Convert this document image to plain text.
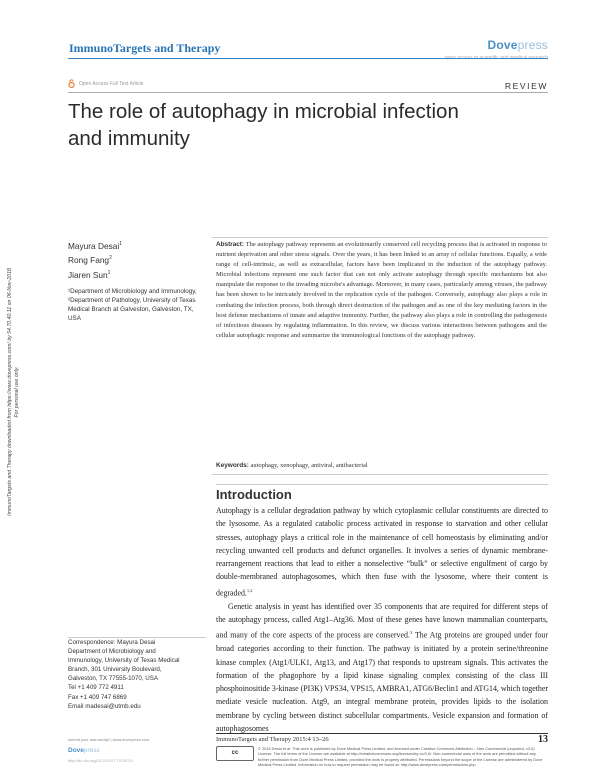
ImmunoTargets and Therapy	Dovepress
Open Access Full Text Article	REVIEW
The role of autophagy in microbial infection and immunity
ImmunoTargets and Therapy downloaded from https://www.dovepress.com/ by 54.70.40.11 on 06-Nov-2018 For personal use only.
Mayura Desai$^1$
Rong Fang$^2$
Jiaren Sun$^1$
¹Department of Microbiology and Immunology, ²Department of Pathology, University of Texas Medical Branch at Galveston, Galveston, TX, USA
Abstract: The autophagy pathway represents an evolutionarily conserved cell recycling process that is activated in response to nutrient deprivation and other stress signals. Over the years, it has been linked to an array of cellular functions. Equally, a wide range of cell-intrinsic, as well as extracellular, factors have been implicated in the induction of the autophagy pathway. Microbial infections represent one such factor that can not only activate autophagy through specific mechanisms but also manipulate the response to the invading microbe's advantage. Moreover, in many cases, particularly among viruses, the pathway has been shown to be intricately involved in the replication cycle of the pathogen. Conversely, autophagy also plays a role in combating the infection process, both through direct destruction of the pathogen and as one of the key mediating factors in the host defense mechanisms of innate and adaptive immunity. Further, the pathway also plays a role in controlling the pathogenesis of infectious diseases by regulating inflammation. In this review, we discuss various interactions between pathogens and the cellular autophagic response and summarize the immunological functions of the autophagy pathway.
Keywords: autophagy, xenophagy, antiviral, antibacterial
Introduction

Autophagy is a cellular degradation pathway by which cytoplasmic cellular constituents are directed to the lysosome. As a regulated catabolic process activated in response to starvation and other cellular stresses, autophagy plays a critical role in the maintenance of cell homeostasis by eliminating and/or recycling unwanted cell products and defunct organelles. It involves a series of dynamic membrane-rearrangement reactions that lead to either a nonselective “bulk” or selective engulfment of cargo by double-membraned autophagosomes, which then fuse with the lysosome, where their content is degraded.$^{1,2}$

Genetic analysis in yeast has identified over 35 components that are required for different steps of the autophagy process, called Atg1–Atg36. Most of these genes have known mammalian counterparts, and many of the core aspects of the process are conserved.$^3$ The Atg proteins are grouped under four broad categories according to their function. The pathway is initiated by a protein serine/threonine kinase complex (Atg1/ULK1, Atg13, and Atg17) that responds to upstream signals. This activates the formation of the phagophore by a lipid kinase signaling complex consisting of the class III phosphoinositide 3-kinase (PI3K) VPS34, VPS15, AMBRA1, ATG6/Beclin1 and ATG14, which together mediate vesicle nucleation. Atg9, an integral membrane protein, provides lipids to the isolation membrane by cycling between distinct subcellular compartments. Vesicle expansion and formation of autophagosomes

Correspondence: Mayura Desai
Department of Microbiology and
Immunology, University of Texas Medical
Branch, 301 University Boulevard,
Galveston, TX 77555-1070, USA
Tel +1 409 772 4911
Fax +1 409 747 6869
Email madesai@utmb.edu
submit your manuscript | www.dovepress.com
Dovepress
http://dx.doi.org/10.2147/ITT.S76720
ImmunoTargets and Therapy 2015:4 13–26	13
cc
© 2015 Desai et al. This work is published by Dove Medical Press Limited, and licensed under Creative Commons Attribution – Non Commercial (unported, v3.0) License. The full terms of the License are available at http://creativecommons.org/licenses/by-nc/3.0/. Non-commercial uses of the work are permitted without any further permission from Dove Medical Press Limited, provided the work is properly attributed. Permissions beyond the scope of the License are administered by Dove Medical Press Limited. Information on how to request permission may be found at: http://www.dovepress.com/permissions.php
